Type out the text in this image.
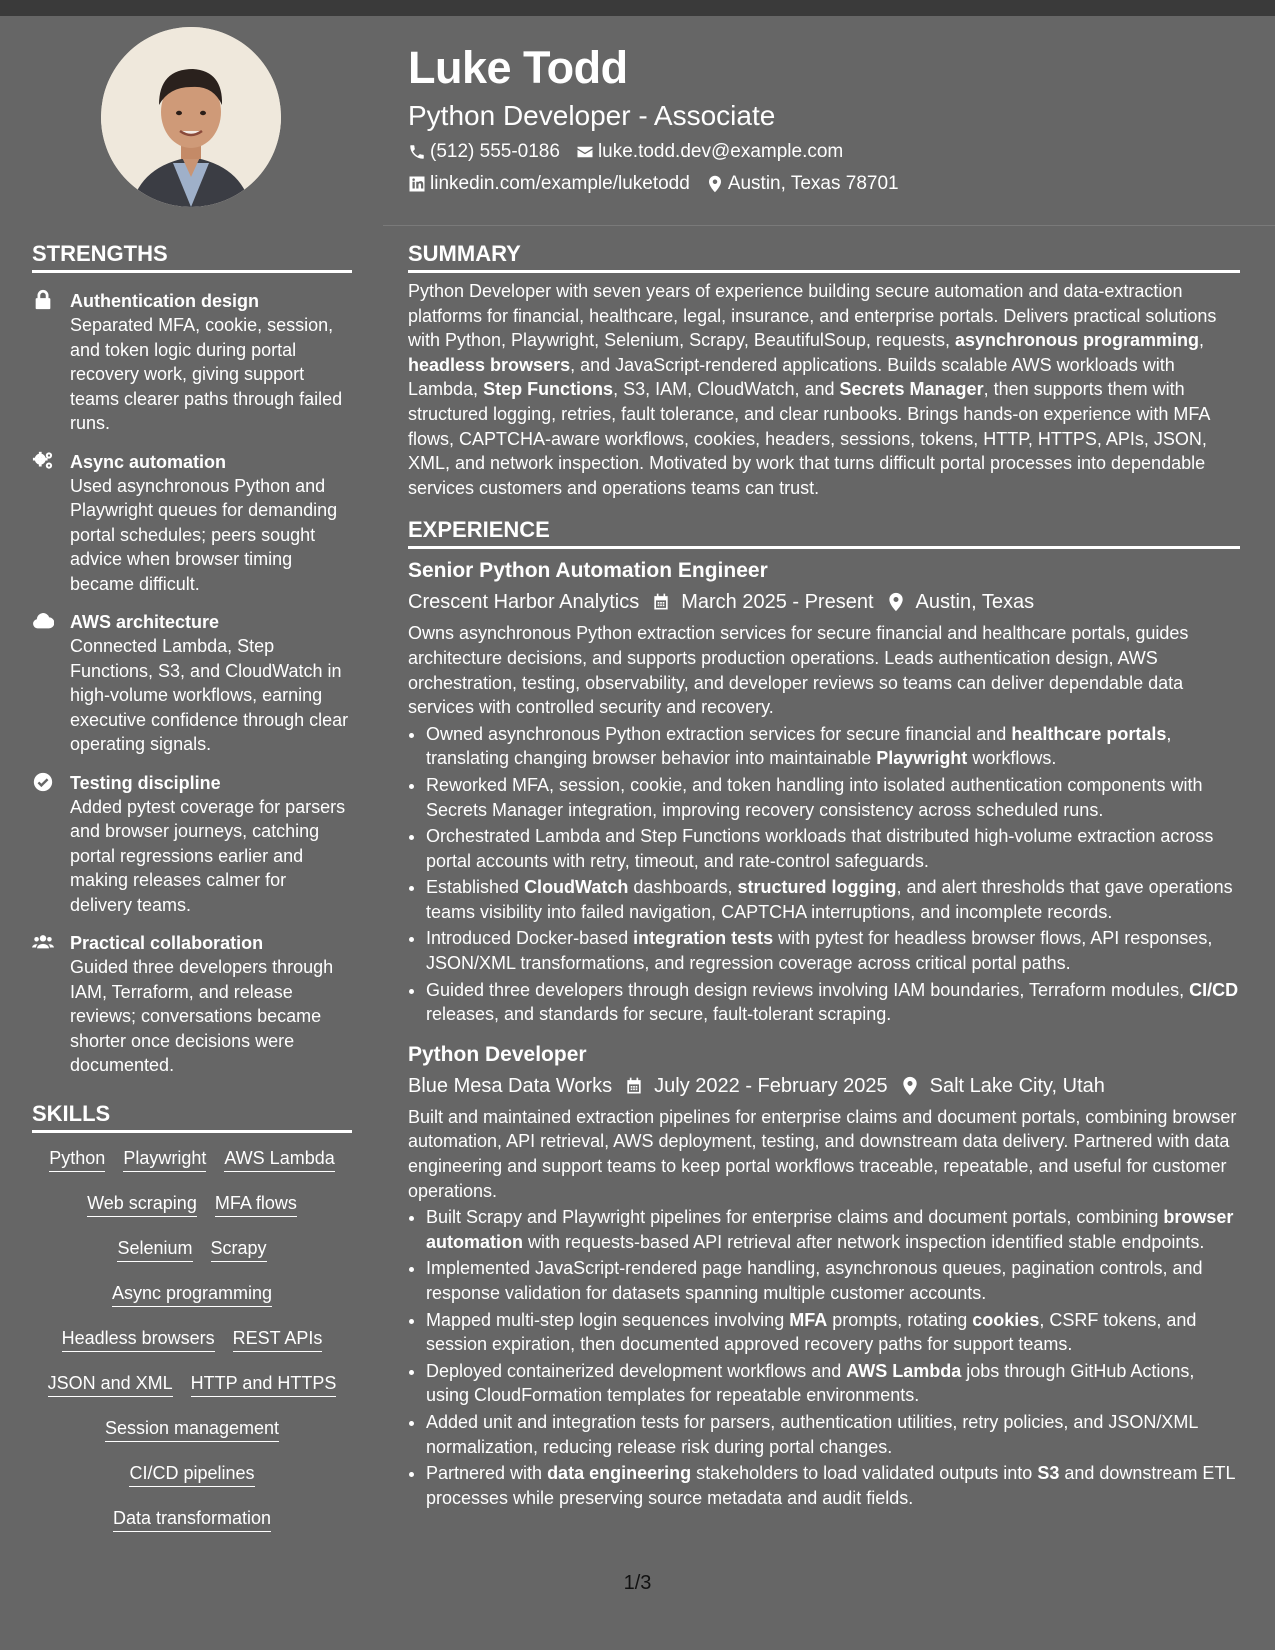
Luke Todd
Python Developer - Associate
(512) 555-0186 luke.todd.dev@example.com
linkedin.com/example/luketodd Austin, Texas 78701
STRENGTHS
Authentication design
Separated MFA, cookie, session, and token logic during portal recovery work, giving support teams clearer paths through failed runs.
Async automation
Used asynchronous Python and Playwright queues for demanding portal schedules; peers sought advice when browser timing became difficult.
AWS architecture
Connected Lambda, Step Functions, S3, and CloudWatch in high-volume workflows, earning executive confidence through clear operating signals.
Testing discipline
Added pytest coverage for parsers and browser journeys, catching portal regressions earlier and making releases calmer for delivery teams.
Practical collaboration
Guided three developers through IAM, Terraform, and release reviews; conversations became shorter once decisions were documented.
SKILLS
Python Playwright AWS Lambda
Web scraping MFA flows
Selenium Scrapy
Async programming
Headless browsers REST APIs
JSON and XML HTTP and HTTPS
Session management
CI/CD pipelines
Data transformation
SUMMARY

Python Developer with seven years of experience building secure automation and data-extraction platforms for financial, healthcare, legal, insurance, and enterprise portals. Delivers practical solutions with Python, Playwright, Selenium, Scrapy, BeautifulSoup, requests, asynchronous programming, headless browsers, and JavaScript-rendered applications. Builds scalable AWS workloads with Lambda, Step Functions, S3, IAM, CloudWatch, and Secrets Manager, then supports them with structured logging, retries, fault tolerance, and clear runbooks. Brings hands-on experience with MFA flows, CAPTCHA-aware workflows, cookies, headers, sessions, tokens, HTTP, HTTPS, APIs, JSON, XML, and network inspection. Motivated by work that turns difficult portal processes into dependable services customers and operations teams can trust.

EXPERIENCE
Senior Python Automation Engineer
Crescent Harbor Analytics March 2025 - Present Austin, Texas

Owns asynchronous Python extraction services for secure financial and healthcare portals, guides architecture decisions, and supports production operations. Leads authentication design, AWS orchestration, testing, observability, and developer reviews so teams can deliver dependable data services with controlled security and recovery.

• Owned asynchronous Python extraction services for secure financial and healthcare portals, translating changing browser behavior into maintainable Playwright workflows.
• Reworked MFA, session, cookie, and token handling into isolated authentication components with Secrets Manager integration, improving recovery consistency across scheduled runs.
• Orchestrated Lambda and Step Functions workloads that distributed high-volume extraction across portal accounts with retry, timeout, and rate-control safeguards.
• Established CloudWatch dashboards, structured logging, and alert thresholds that gave operations teams visibility into failed navigation, CAPTCHA interruptions, and incomplete records.
• Introduced Docker-based integration tests with pytest for headless browser flows, API responses, JSON/XML transformations, and regression coverage across critical portal paths.
• Guided three developers through design reviews involving IAM boundaries, Terraform modules, CI/CD releases, and standards for secure, fault-tolerant scraping.
Python Developer
Blue Mesa Data Works July 2022 - February 2025 Salt Lake City, Utah

Built and maintained extraction pipelines for enterprise claims and document portals, combining browser automation, API retrieval, AWS deployment, testing, and downstream data delivery. Partnered with data engineering and support teams to keep portal workflows traceable, repeatable, and useful for customer operations.

• Built Scrapy and Playwright pipelines for enterprise claims and document portals, combining browser automation with requests-based API retrieval after network inspection identified stable endpoints.
• Implemented JavaScript-rendered page handling, asynchronous queues, pagination controls, and response validation for datasets spanning multiple customer accounts.
• Mapped multi-step login sequences involving MFA prompts, rotating cookies, CSRF tokens, and session expiration, then documented approved recovery paths for support teams.
• Deployed containerized development workflows and AWS Lambda jobs through GitHub Actions, using CloudFormation templates for repeatable environments.
• Added unit and integration tests for parsers, authentication utilities, retry policies, and JSON/XML normalization, reducing release risk during portal changes.
• Partnered with data engineering stakeholders to load validated outputs into S3 and downstream ETL processes while preserving source metadata and audit fields.
1/3
